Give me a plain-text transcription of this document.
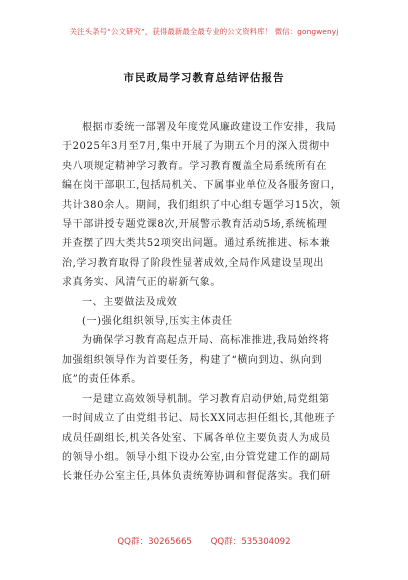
关注头条号“公文研究”，获得最新最全最专业的公文资料库！ 微信：gongwenyj
市民政局学习教育总结评估报告
根据市委统一部署及年度党风廉政建设工作安排，我局
于2025年3月至7月,集中开展了为期五个月的深入贯彻中
央八项规定精神学习教育。学习教育覆盖全局系统所有在
编在岗干部职工,包括局机关、下属事业单位及各服务窗口，
共计380余人。期间，我们组织了中心组专题学习15次，领
导干部讲授专题党课8次,开展警示教育活动5场,系统梳理
并查摆了四大类共52项突出问题。通过系统推进、标本兼
治,学习教育取得了阶段性显著成效,全局作风建设呈现出
求真务实、风清气正的崭新气象。
一、主要做法及成效
(一)强化组织领导,压实主体责任
为确保学习教育高起点开局、高标准推进,我局始终将
加强组织领导作为首要任务，构建了“横向到边、纵向到
底”的责任体系。
一是建立高效领导机制。学习教育启动伊始,局党组第
一时间成立了由党组书记、局长XX同志担任组长,其他班子
成员任副组长,机关各处室、下属各单位主要负责人为成员
的领导小组。领导小组下设办公室,由分管党建工作的副局
长兼任办公室主任,具体负责统筹协调和督促落实。我们研
QQ群：30265665 QQ群：535304092
